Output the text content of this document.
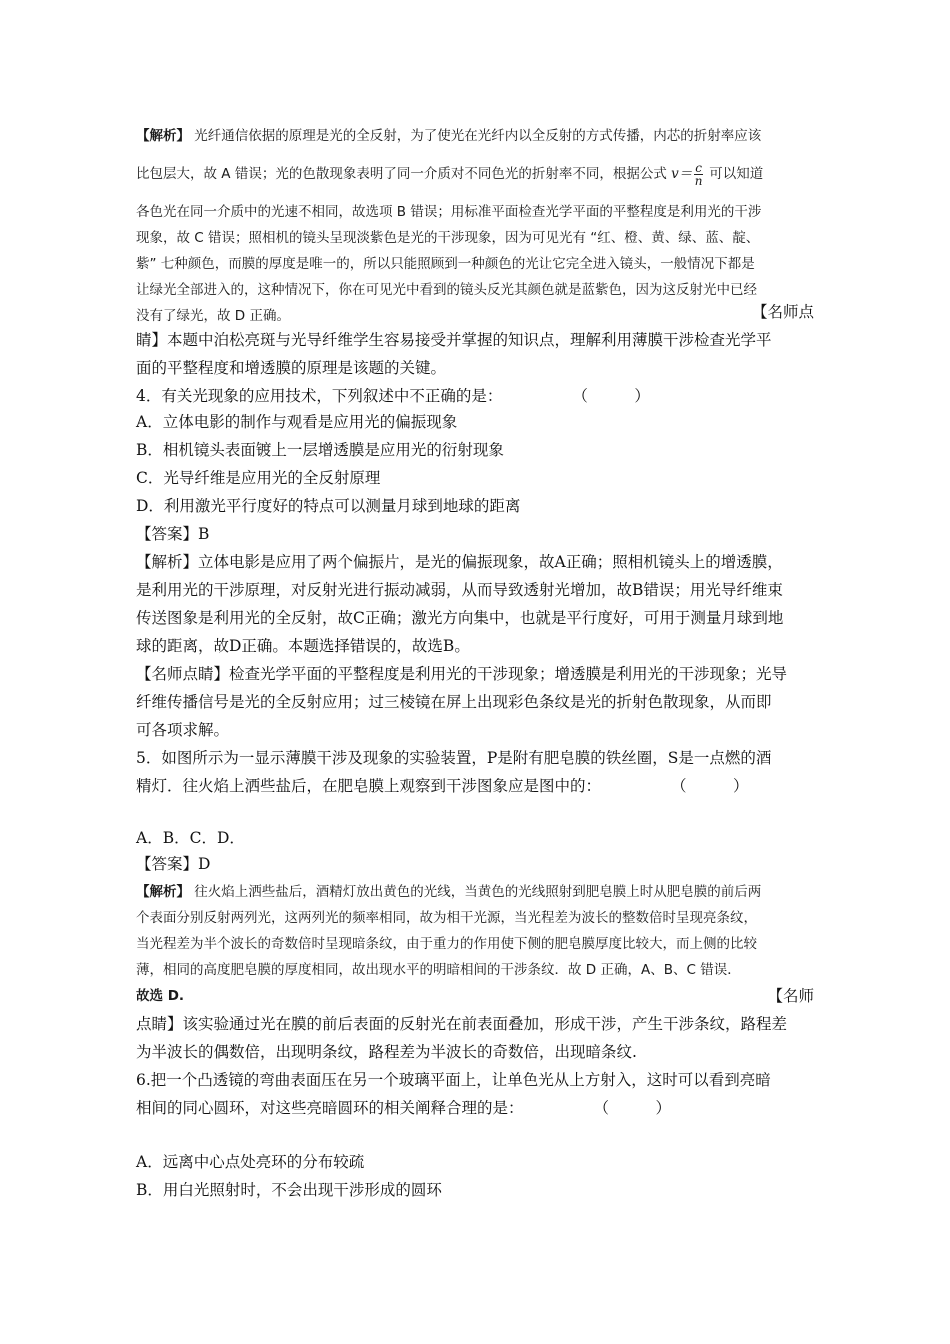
【解析】 光纤通信依据的原理是光的全反射，为了使光在光纤内以全反射的方式传播，内芯的折射率应该
比包层大，故 A 错误；光的色散现象表明了同一介质对不同色光的折射率不同，根据公式 $v= \frac{c}{n}$ 可以知道
各色光在同一介质中的光速不相同，故选项 B 错误；用标准平面检查光学平面的平整程度是利用光的干涉
现象，故 C 错误；照相机的镜头呈现淡紫色是光的干涉现象，因为可见光有 “红、橙、黄、绿、蓝、靛、
紫” 七种颜色，而膜的厚度是唯一的，所以只能照顾到一种颜色的光让它完全进入镜头，一般情况下都是
让绿光全部进入的，这种情况下，你在可见光中看到的镜头反光其颜色就是蓝紫色，因为这反射光中已经
没有了绿光，故 D 正确。	【名师点
睛】本题中泊松亮斑与光导纤维学生容易接受并掌握的知识点，理解利用薄膜干涉检查光学平
面的平整程度和增透膜的原理是该题的关键。
4．有关光现象的应用技术，下列叙述中不正确的是：	（　　　）
A．立体电影的制作与观看是应用光的偏振现象
B．相机镜头表面镀上一层增透膜是应用光的衍射现象
C．光导纤维是应用光的全反射原理
D．利用激光平行度好的特点可以测量月球到地球的距离
【答案】B
【解析】立体电影是应用了两个偏振片，是光的偏振现象，故A正确；照相机镜头上的增透膜，
是利用光的干涉原理，对反射光进行振动减弱，从而导致透射光增加，故B错误；用光导纤维束
传送图象是利用光的全反射，故C正确；激光方向集中，也就是平行度好，可用于测量月球到地
球的距离，故D正确。本题选择错误的，故选B。
【名师点睛】检查光学平面的平整程度是利用光的干涉现象；增透膜是利用光的干涉现象；光导
纤维传播信号是光的全反射应用；过三棱镜在屏上出现彩色条纹是光的折射色散现象，从而即
可各项求解。
5．如图所示为一显示薄膜干涉及现象的实验装置，P是附有肥皂膜的铁丝圈，S是一点燃的酒
精灯．往火焰上洒些盐后，在肥皂膜上观察到干涉图象应是图中的：	（　　　）
A．B．C．D．
【答案】D
【解析】 往火焰上洒些盐后，酒精灯放出黄色的光线，当黄色的光线照射到肥皂膜上时从肥皂膜的前后两
个表面分别反射两列光，这两列光的频率相同，故为相干光源，当光程差为波长的整数倍时呈现亮条纹，
当光程差为半个波长的奇数倍时呈现暗条纹，由于重力的作用使下侧的肥皂膜厚度比较大，而上侧的比较
薄，相同的高度肥皂膜的厚度相同，故出现水平的明暗相间的干涉条纹．故 D 正确，A、B、C 错误．
故选 D.	【名师
点睛】该实验通过光在膜的前后表面的反射光在前表面叠加，形成干涉，产生干涉条纹，路程差
为半波长的偶数倍，出现明条纹，路程差为半波长的奇数倍，出现暗条纹.
6.把一个凸透镜的弯曲表面压在另一个玻璃平面上，让单色光从上方射入，这时可以看到亮暗
相间的同心圆环，对这些亮暗圆环的相关阐释合理的是：	（　　　）
A．远离中心点处亮环的分布较疏
B．用白光照射时，不会出现干涉形成的圆环
